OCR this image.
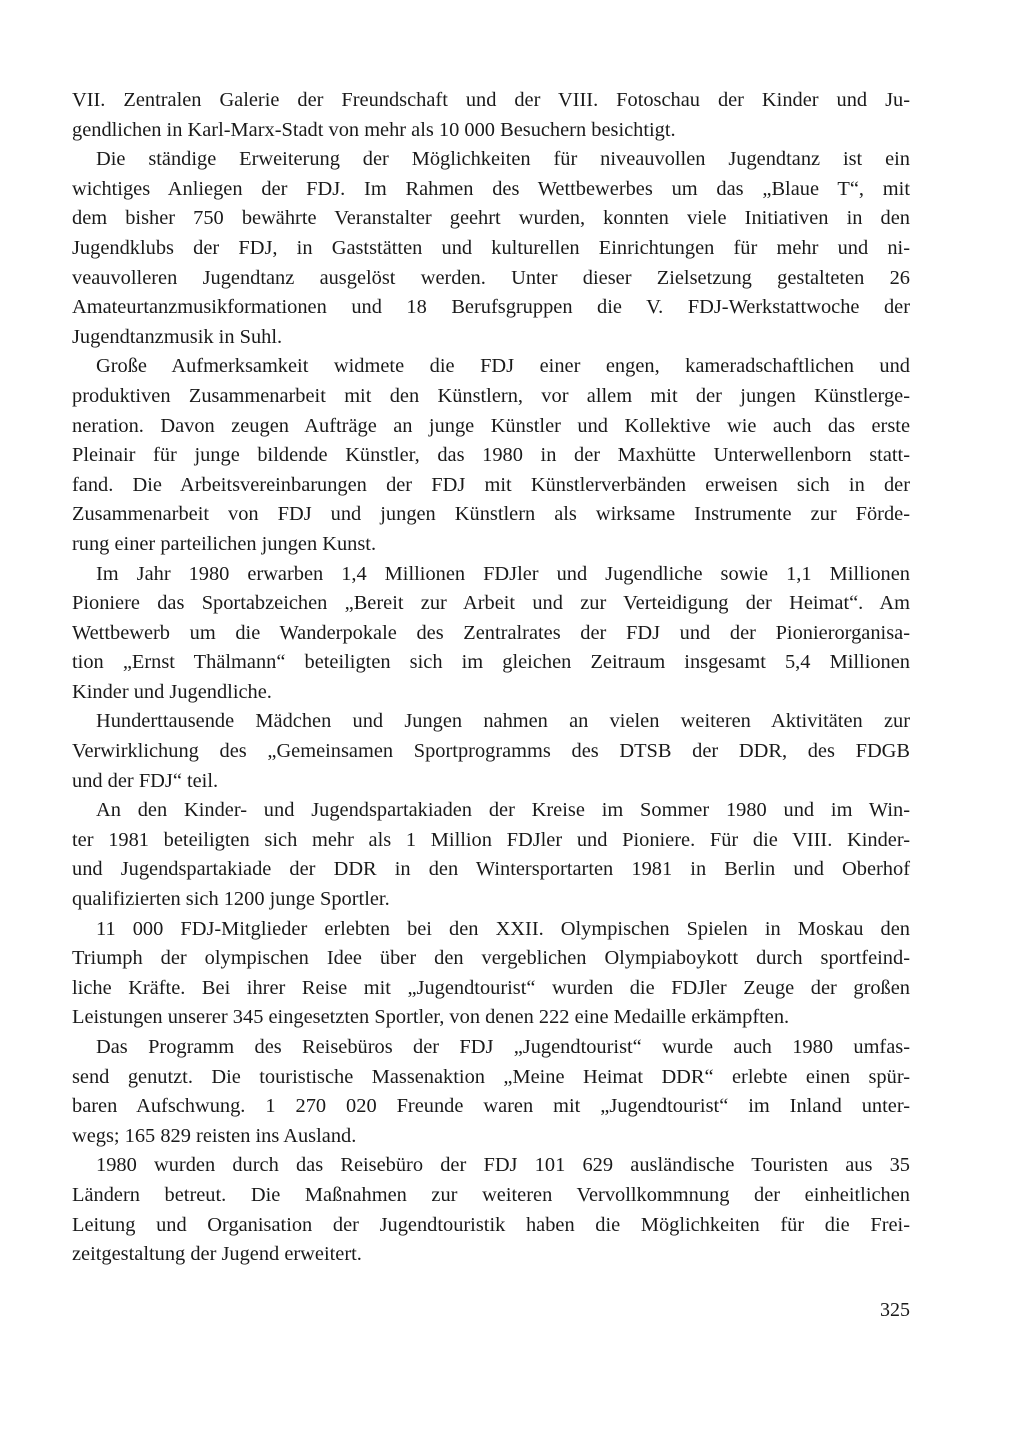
VII. Zentralen Galerie der Freundschaft und der VIII. Fotoschau der Kinder und Ju-
gendlichen in Karl-Marx-Stadt von mehr als 10 000 Besuchern besichtigt.
Die ständige Erweiterung der Möglichkeiten für niveauvollen Jugendtanz ist ein
wichtiges Anliegen der FDJ. Im Rahmen des Wettbewerbes um das „Blaue T“, mit
dem bisher 750 bewährte Veranstalter geehrt wurden, konnten viele Initiativen in den
Jugendklubs der FDJ, in Gaststätten und kulturellen Einrichtungen für mehr und ni-
veauvolleren Jugendtanz ausgelöst werden. Unter dieser Zielsetzung gestalteten 26
Amateurtanzmusikformationen und 18 Berufsgruppen die V. FDJ-Werkstattwoche der
Jugendtanzmusik in Suhl.
Große Aufmerksamkeit widmete die FDJ einer engen, kameradschaftlichen und
produktiven Zusammenarbeit mit den Künstlern, vor allem mit der jungen Künstlerge-
neration. Davon zeugen Aufträge an junge Künstler und Kollektive wie auch das erste
Pleinair für junge bildende Künstler, das 1980 in der Maxhütte Unterwellenborn statt-
fand. Die Arbeitsvereinbarungen der FDJ mit Künstlerverbänden erweisen sich in der
Zusammenarbeit von FDJ und jungen Künstlern als wirksame Instrumente zur Förde-
rung einer parteilichen jungen Kunst.
Im Jahr 1980 erwarben 1,4 Millionen FDJler und Jugendliche sowie 1,1 Millionen
Pioniere das Sportabzeichen „Bereit zur Arbeit und zur Verteidigung der Heimat“. Am
Wettbewerb um die Wanderpokale des Zentralrates der FDJ und der Pionierorganisa-
tion „Ernst Thälmann“ beteiligten sich im gleichen Zeitraum insgesamt 5,4 Millionen
Kinder und Jugendliche.
Hunderttausende Mädchen und Jungen nahmen an vielen weiteren Aktivitäten zur
Verwirklichung des „Gemeinsamen Sportprogramms des DTSB der DDR, des FDGB
und der FDJ“ teil.
An den Kinder- und Jugendspartakiaden der Kreise im Sommer 1980 und im Win-
ter 1981 beteiligten sich mehr als 1 Million FDJler und Pioniere. Für die VIII. Kinder-
und Jugendspartakiade der DDR in den Wintersportarten 1981 in Berlin und Oberhof
qualifizierten sich 1200 junge Sportler.
11 000 FDJ-Mitglieder erlebten bei den XXII. Olympischen Spielen in Moskau den
Triumph der olympischen Idee über den vergeblichen Olympiaboykott durch sportfeind-
liche Kräfte. Bei ihrer Reise mit „Jugendtourist“ wurden die FDJler Zeuge der großen
Leistungen unserer 345 eingesetzten Sportler, von denen 222 eine Medaille erkämpften.
Das Programm des Reisebüros der FDJ „Jugendtourist“ wurde auch 1980 umfas-
send genutzt. Die touristische Massenaktion „Meine Heimat DDR“ erlebte einen spür-
baren Aufschwung. 1 270 020 Freunde waren mit „Jugendtourist“ im Inland unter-
wegs; 165 829 reisten ins Ausland.
1980 wurden durch das Reisebüro der FDJ 101 629 ausländische Touristen aus 35
Ländern betreut. Die Maßnahmen zur weiteren Vervollkommnung der einheitlichen
Leitung und Organisation der Jugendtouristik haben die Möglichkeiten für die Frei-
zeitgestaltung der Jugend erweitert.
325
